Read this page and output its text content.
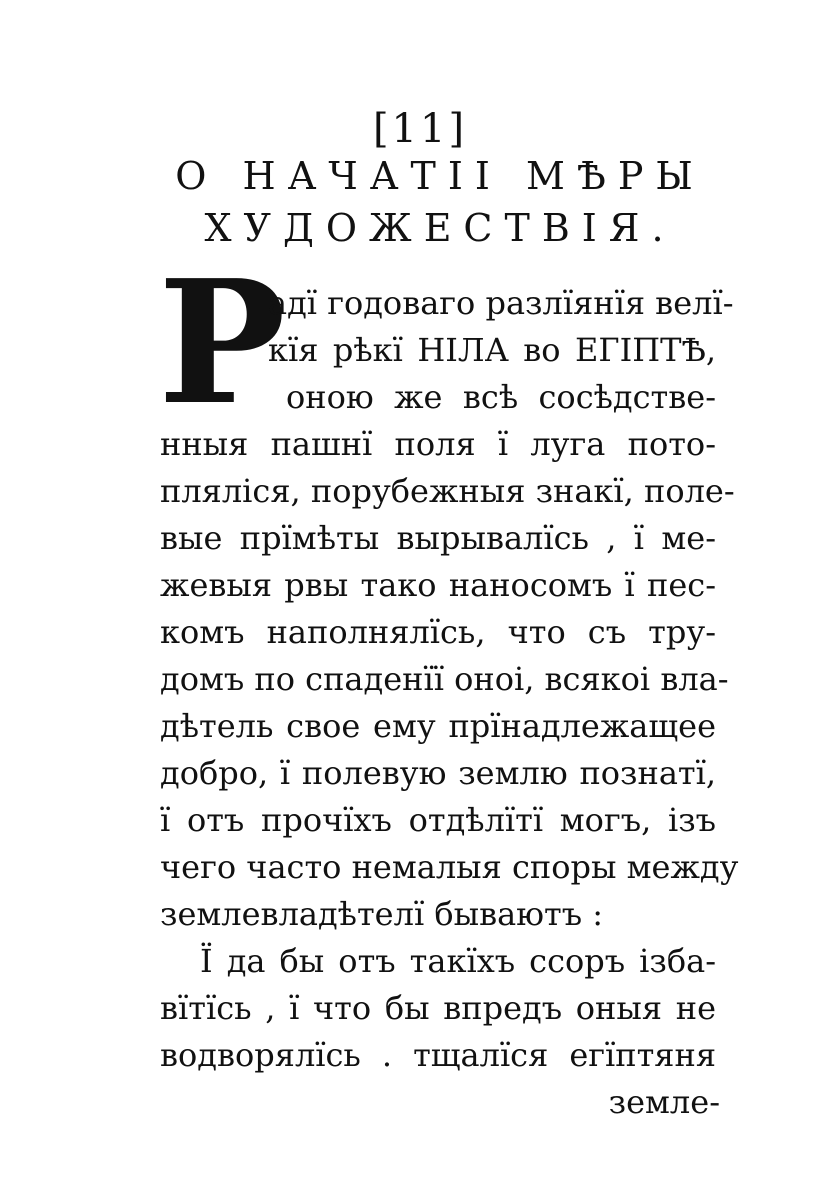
[11]
О НАЧАТІІ МѢРЫ
ХУДОЖЕСТВІЯ.
Р
адї годоваго разлїянїя велї-
кїя рѣкї НІЛА во ЕГІПТѢ,
оною же всѣ сосѣдствe-
нныя пашнї поля ї луга пото-
пляліся, порубежныя знакї, поле-
вые прїмѣты вырывалїсь , ї ме-
жевыя рвы тако наносомъ ї пес-
комъ наполнялїсь, что съ тру-
домъ по спаденїї оноі, всякоі вла-
дѣтель свое ему прїнадлежащее
добро, ї полевую землю познатї,
ї отъ прочїхъ отдѣлїтї могъ, ізъ
чего часто немалыя споры между
землевладѣтелї бываютъ :
Ї да бы отъ такїхъ ссоръ ізба-
вїтїсь , ї что бы впредъ оныя не
водворялїсь . тщалїся егїптяня
земле-
